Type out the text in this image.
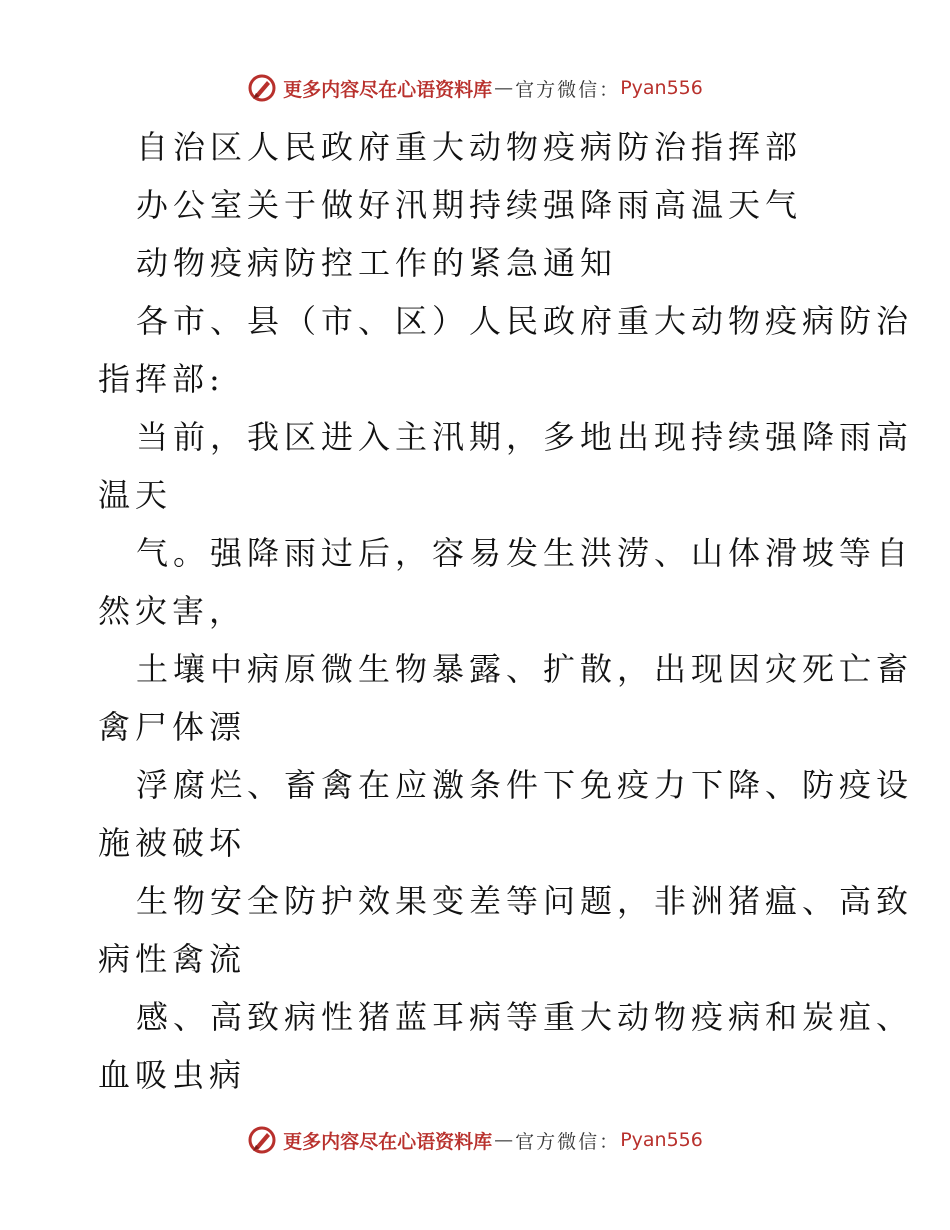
更多内容尽在心语资料库 — 官方微信： Pyan556
自治区人民政府重大动物疫病防治指挥部
办公室关于做好汛期持续强降雨高温天气
动物疫病防控工作的紧急通知
各市、县（市、区）人民政府重大动物疫病防治
指挥部:
当前，我区进入主汛期，多地出现持续强降雨高
温天
气。强降雨过后，容易发生洪涝、山体滑坡等自
然灾害，
土壤中病原微生物暴露、扩散，出现因灾死亡畜
禽尸体漂
浮腐烂、畜禽在应激条件下免疫力下降、防疫设
施被破坏
生物安全防护效果变差等问题，非洲猪瘟、高致
病性禽流
感、高致病性猪蓝耳病等重大动物疫病和炭疽、
血吸虫病
更多内容尽在心语资料库 — 官方微信： Pyan556
